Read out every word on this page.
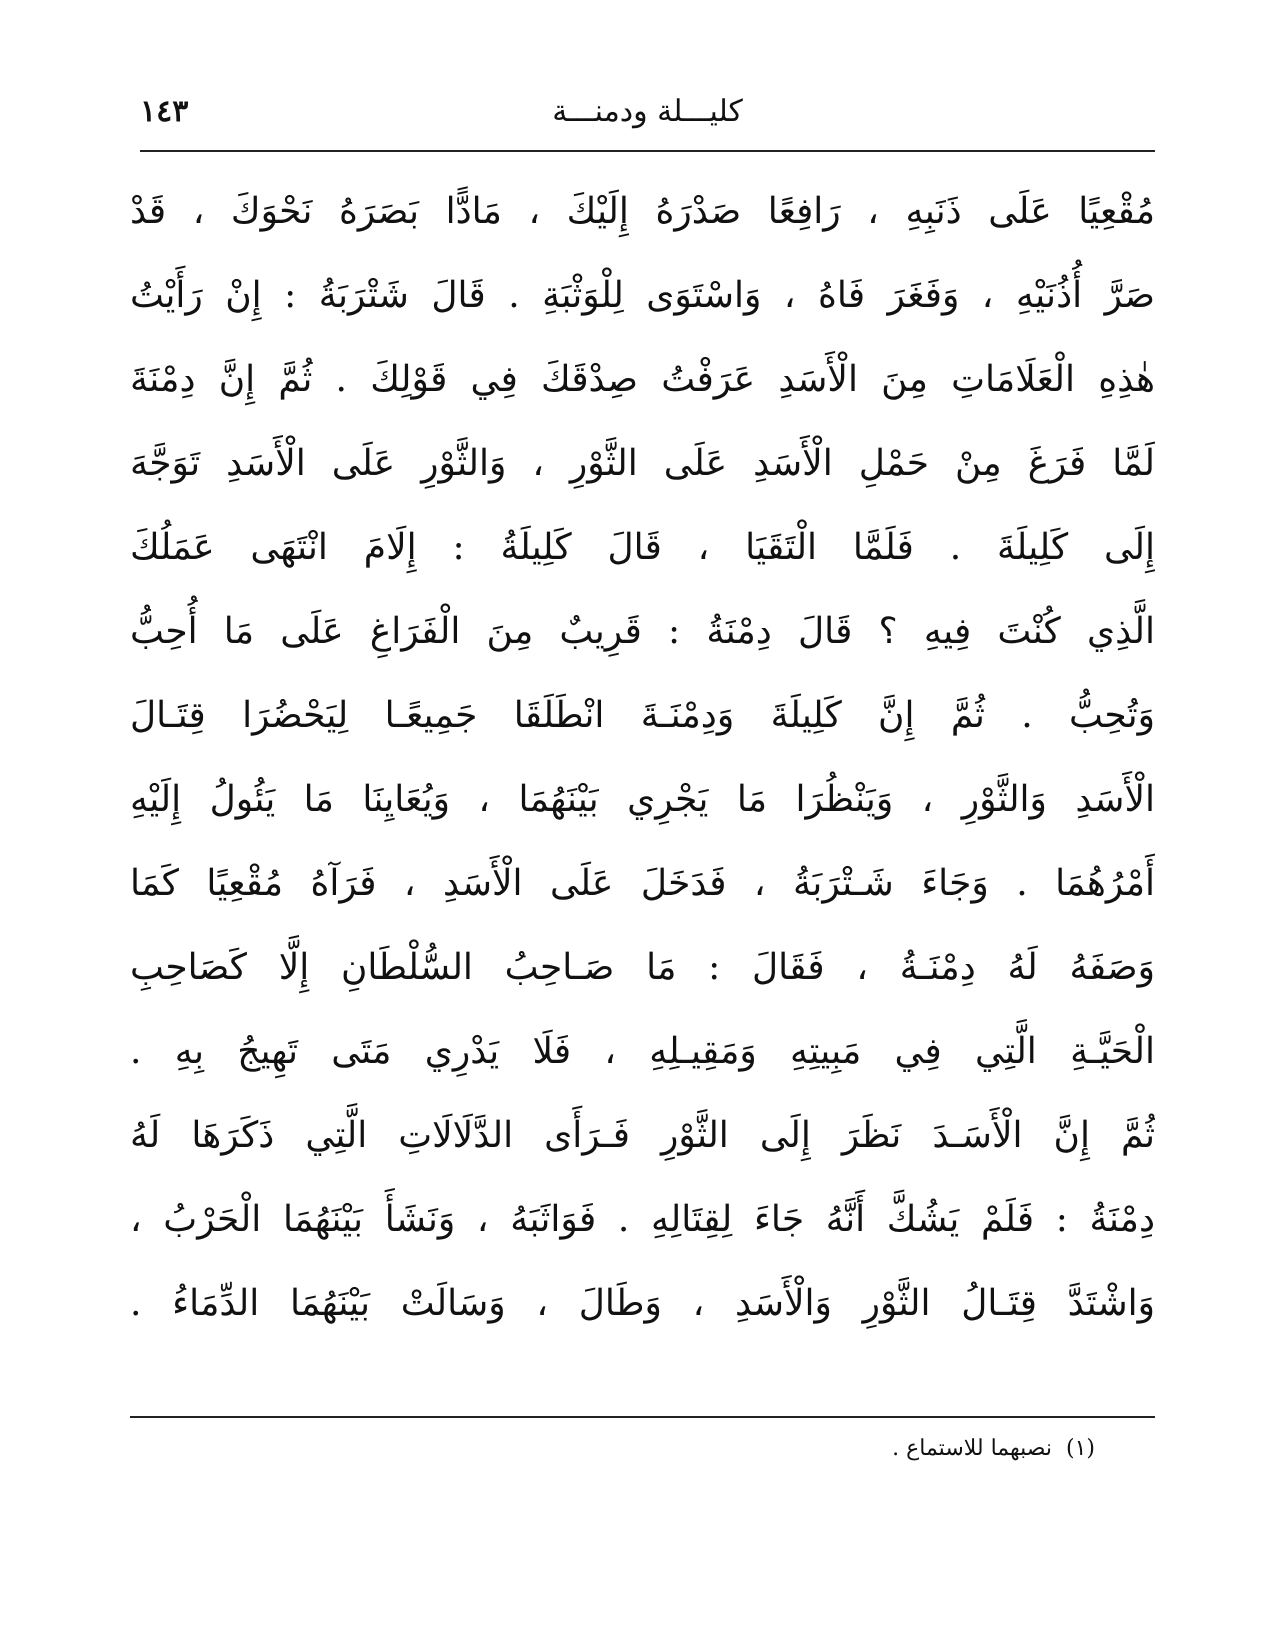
كليـــلة ودمنـــة
١٤٣
مُقْعِيًا عَلَى ذَنَبِهِ ، رَافِعًا صَدْرَهُ إِلَيْكَ ، مَادًّا بَصَرَهُ نَحْوَكَ ، قَدْ
صَرَّ أُذُنَيْهِ ، وَفَغَرَ فَاهُ ، وَاسْتَوَى لِلْوَثْبَةِ . قَالَ شَتْرَبَةُ : إِنْ رَأَيْتُ
هٰذِهِ الْعَلَامَاتِ مِنَ الْأَسَدِ عَرَفْتُ صِدْقَكَ فِي قَوْلِكَ . ثُمَّ إِنَّ دِمْنَةَ
لَمَّا فَرَغَ مِنْ حَمْلِ الْأَسَدِ عَلَى الثَّوْرِ ، وَالثَّوْرِ عَلَى الْأَسَدِ تَوَجَّهَ
إِلَى كَلِيلَةَ . فَلَمَّا الْتَقَيَا ، قَالَ كَلِيلَةُ : إِلَامَ انْتَهَى عَمَلُكَ
الَّذِي كُنْتَ فِيهِ ؟ قَالَ دِمْنَةُ : قَرِيبٌ مِنَ الْفَرَاغِ عَلَى مَا أُحِبُّ
وَتُحِبُّ . ثُمَّ إِنَّ كَلِيلَةَ وَدِمْنَـةَ انْطَلَقَا جَمِيعًـا لِيَحْضُرَا قِتَـالَ
الْأَسَدِ وَالثَّوْرِ ، وَيَنْظُرَا مَا يَجْرِي بَيْنَهُمَا ، وَيُعَايِنَا مَا يَئُولُ إِلَيْهِ
أَمْرُهُمَا . وَجَاءَ شَـتْرَبَةُ ، فَدَخَلَ عَلَى الْأَسَدِ ، فَرَآهُ مُقْعِيًا كَمَا
وَصَفَهُ لَهُ دِمْنَـةُ ، فَقَالَ : مَا صَـاحِبُ السُّلْطَانِ إِلَّا كَصَاحِبِ
الْحَيَّـةِ الَّتِي فِي مَبِيتِهِ وَمَقِيـلِهِ ، فَلَا يَدْرِي مَتَى تَهِيجُ بِهِ .
ثُمَّ إِنَّ الْأَسَـدَ نَظَرَ إِلَى الثَّوْرِ فَـرَأَى الدَّلَالَاتِ الَّتِي ذَكَرَهَا لَهُ
دِمْنَةُ : فَلَمْ يَشُكَّ أَنَّهُ جَاءَ لِقِتَالِهِ . فَوَاثَبَهُ ، وَنَشَأَ بَيْنَهُمَا الْحَرْبُ ،
وَاشْتَدَّ قِتَـالُ الثَّوْرِ وَالْأَسَدِ ، وَطَالَ ، وَسَالَتْ بَيْنَهُمَا الدِّمَاءُ .
(١)نصبهما للاستماع .
